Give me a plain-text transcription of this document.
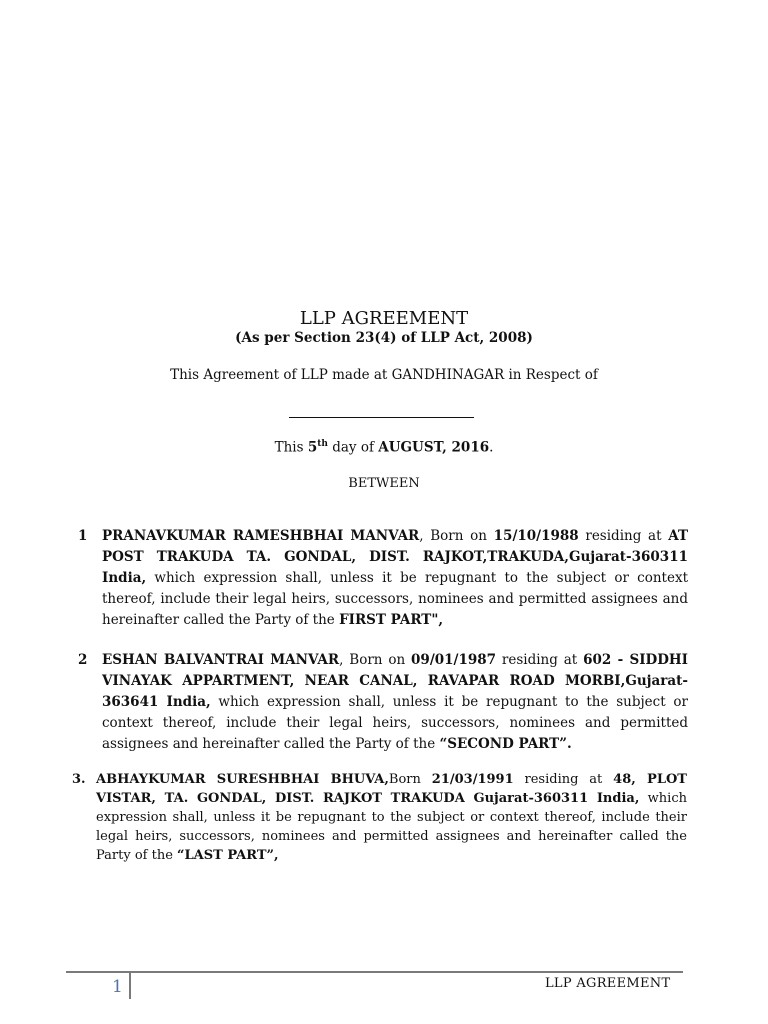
LLP AGREEMENT
(As per Section 23(4) of LLP Act, 2008)
This Agreement of LLP made at GANDHINAGAR in Respect of
This 5th day of AUGUST, 2016.
BETWEEN
1 PRANAVKUMAR RAMESHBHAI MANVAR, Born on 15/10/1988 residing at AT POST TRAKUDA TA. GONDAL, DIST. RAJKOT,TRAKUDA,Gujarat-360311 India, which expression shall, unless it be repugnant to the subject or context thereof, include their legal heirs, successors, nominees and permitted assignees and hereinafter called the Party of the FIRST PART",
2 ESHAN BALVANTRAI MANVAR, Born on 09/01/1987 residing at 602 - SIDDHI VINAYAK APPARTMENT, NEAR CANAL, RAVAPAR ROAD MORBI,Gujarat-363641 India, which expression shall, unless it be repugnant to the subject or context thereof, include their legal heirs, successors, nominees and permitted assignees and hereinafter called the Party of the “SECOND PART”.
3. ABHAYKUMAR SURESHBHAI BHUVA,Born 21/03/1991 residing at 48, PLOT VISTAR, TA. GONDAL, DIST. RAJKOT TRAKUDA Gujarat-360311 India, which expression shall, unless it be repugnant to the subject or context thereof, include their legal heirs, successors, nominees and permitted assignees and hereinafter called the Party of the “LAST PART”,
1	LLP AGREEMENT
